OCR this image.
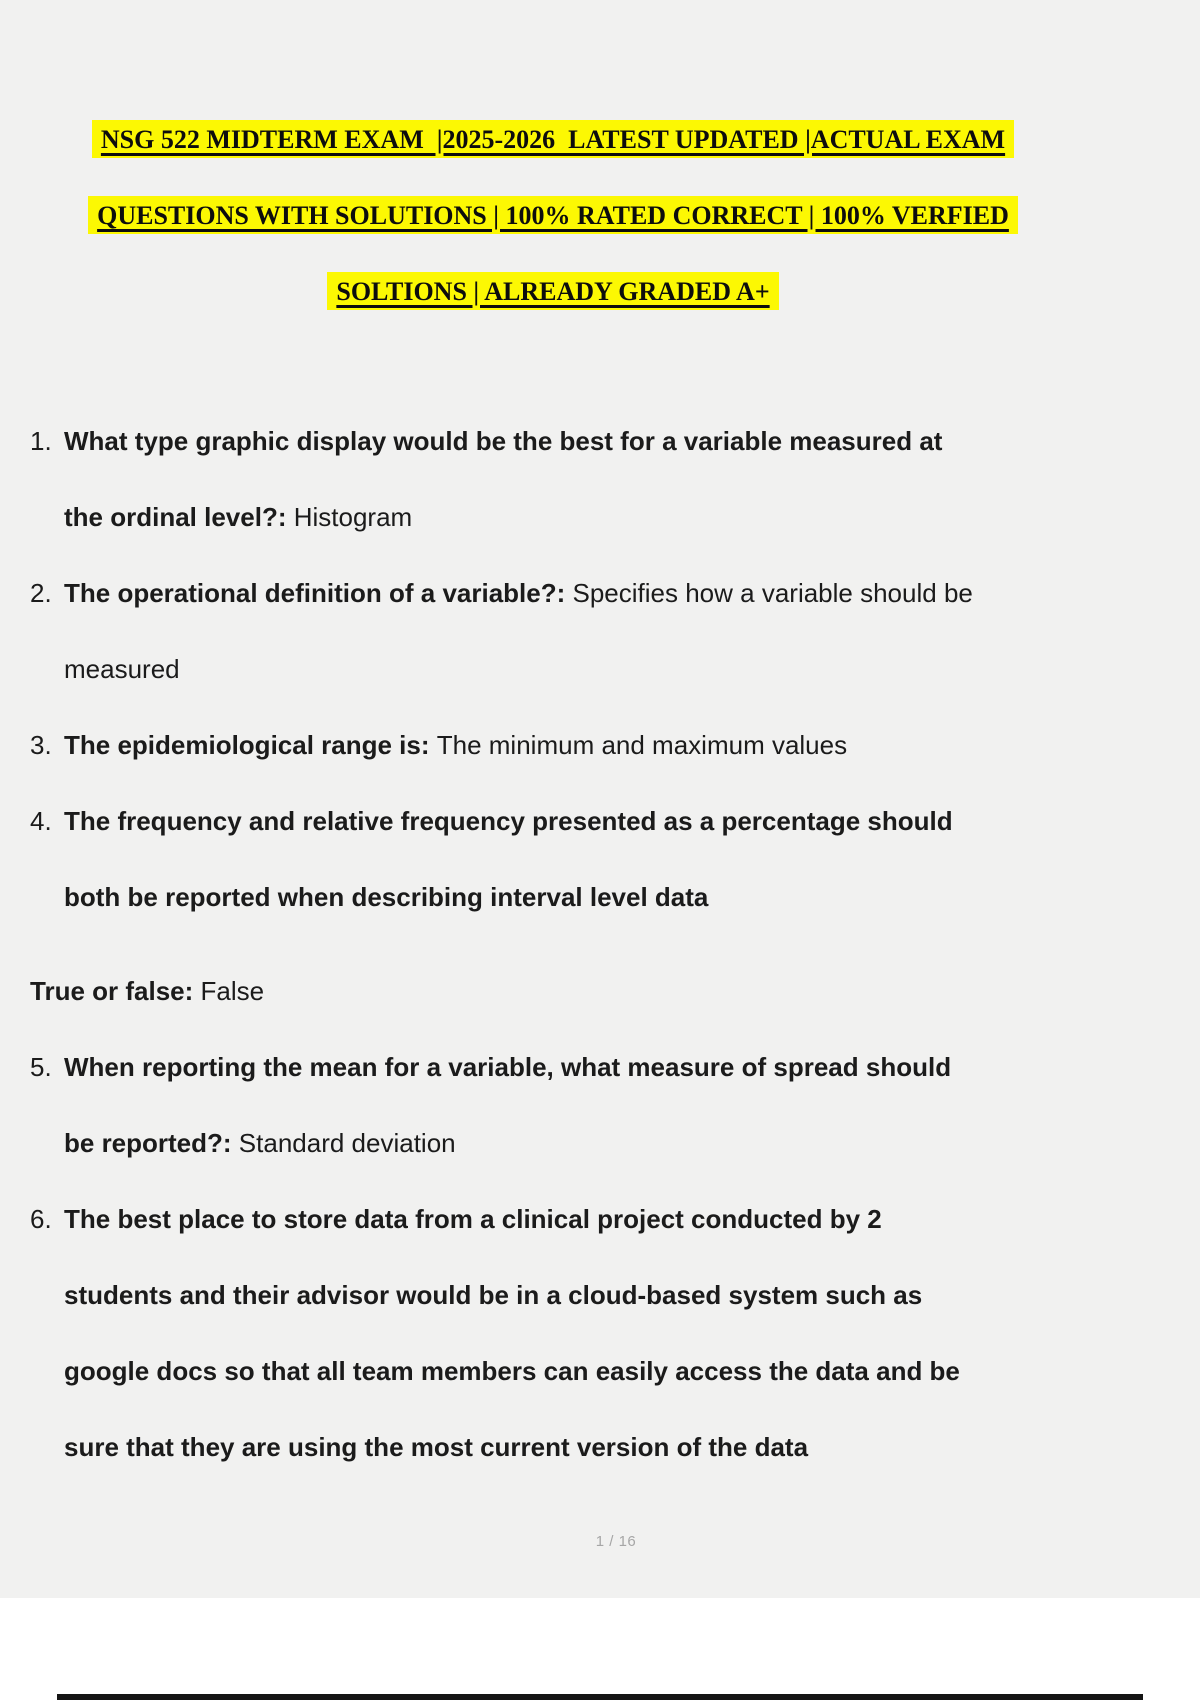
NSG 522 MIDTERM EXAM  |2025-2026  LATEST UPDATED |ACTUAL EXAM
QUESTIONS WITH SOLUTIONS | 100% RATED CORRECT | 100% VERFIED
SOLTIONS | ALREADY GRADED A+
1. What type graphic display would be the best for a variable measured at
the ordinal level?: Histogram
2. The operational definition of a variable?: Specifies how a variable should be
measured
3. The epidemiological range is: The minimum and maximum values
4. The frequency and relative frequency presented as a percentage should
both be reported when describing interval level data
True or false: False
5. When reporting the mean for a variable, what measure of spread should
be reported?: Standard deviation
6. The best place to store data from a clinical project conducted by 2
students and their advisor would be in a cloud-based system such as
google docs so that all team members can easily access the data and be
sure that they are using the most current version of the data
1 / 16
